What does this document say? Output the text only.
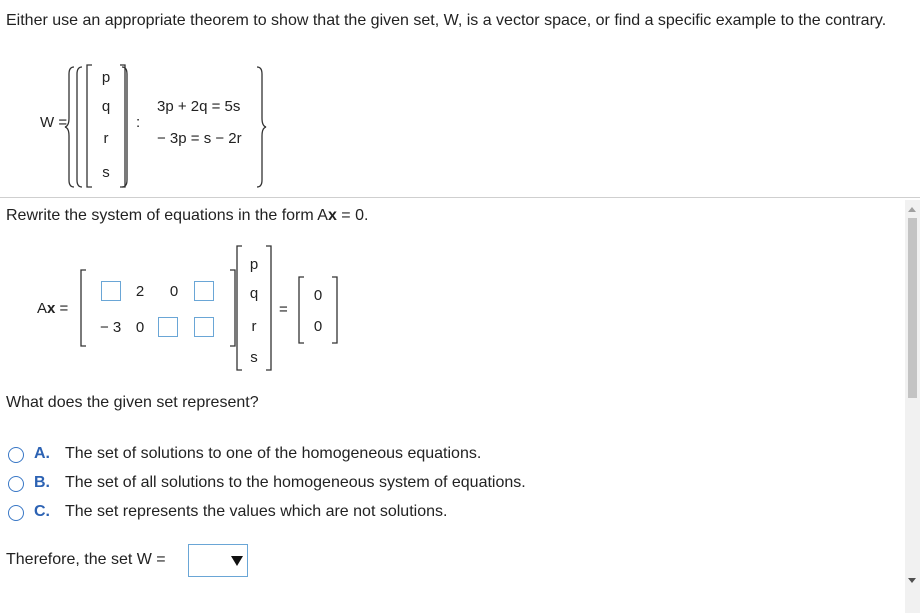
Either use an appropriate theorem to show that the given set, W, is a vector space, or find a specific example to the contrary.
W =
p
q
r
s
:
3p + 2q = 5s
− 3p = s − 2r
Rewrite the system of equations in the form Ax = 0.
Ax =
2	0
− 3 0
p
q
r
s
=
0
0
What does the given set represent?
A. The set of solutions to one of the homogeneous equations.
B. The set of all solutions to the homogeneous system of equations.
C. The set represents the values which are not solutions.
Therefore, the set W =
